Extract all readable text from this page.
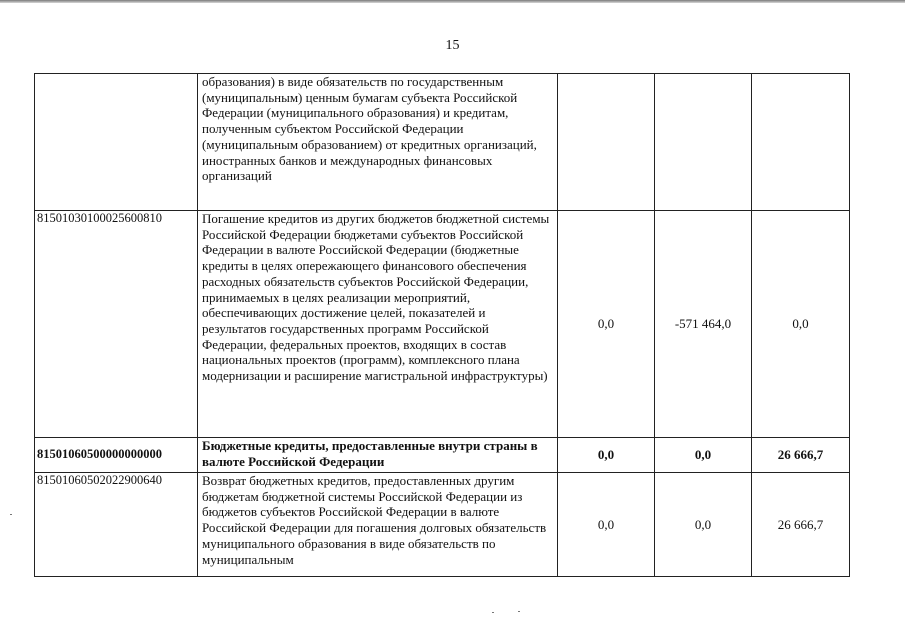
15
	образования) в виде обязательств по государственным (муниципальным) ценным бумагам субъекта Российской Федерации (муниципального образования) и кредитам, полученным субъектом Российской Федерации (муниципальным образованием) от кредитных организаций, иностранных банков и международных финансовых организаций			
81501030100025600810	Погашение кредитов из других бюджетов бюджетной системы Российской Федерации бюджетами субъектов Российской Федерации в валюте Российской Федерации (бюджетные кредиты в целях опережающего финансового обеспечения расходных обязательств субъектов Российской Федерации, принимаемых в целях реализации мероприятий, обеспечивающих достижение целей, показателей и результатов государственных программ Российской Федерации, федеральных проектов, входящих в состав национальных проектов (программ), комплексного плана модернизации и расширение магистральной инфраструктуры)	0,0	-571 464,0	0,0
81501060500000000000	Бюджетные кредиты, предоставленные внутри страны в валюте Российской Федерации	0,0	0,0	26 666,7
81501060502022900640	Возврат бюджетных кредитов, предоставленных другим бюджетам бюджетной системы Российской Федерации из бюджетов субъектов Российской Федерации в валюте Российской Федерации для погашения долговых обязательств муниципального образования в виде обязательств по муниципальным	0,0	0,0	26 666,7
